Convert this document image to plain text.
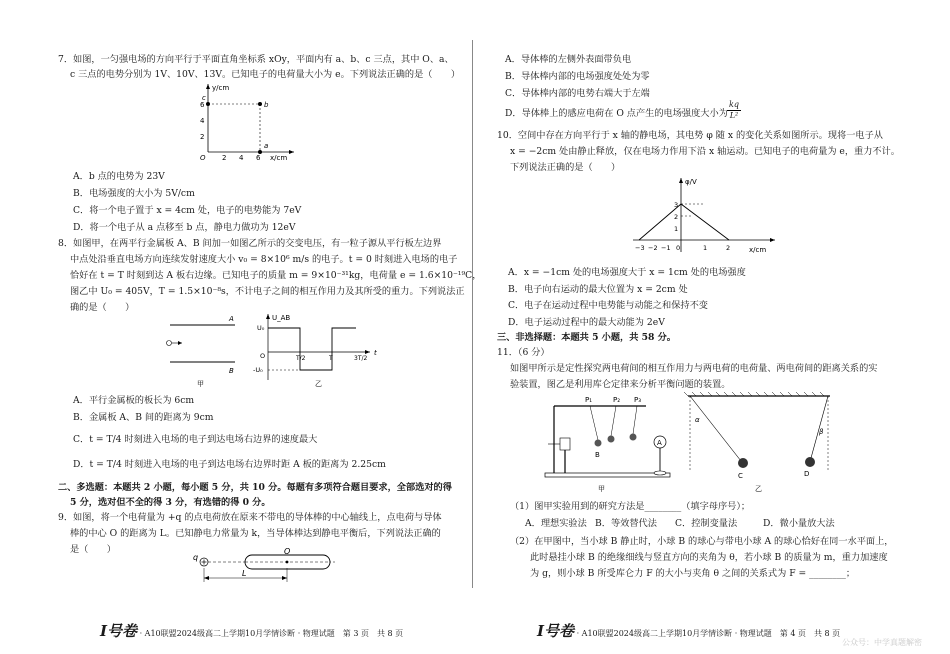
7．如图，一匀强电场的方向平行于平面直角坐标系 xOy，平面内有 a、b、c 三点，其中 O、a、
c 三点的电势分别为 1V、10V、13V。已知电子的电荷量大小为 e。下列说法正确的是（　　）
y/cm
x/cm
6
4
2
2 4 6
O
c
b
a
A．b 点的电势为 23V
B．电场强度的大小为 5V/cm
C．将一个电子置于 x = 4cm 处，电子的电势能为 7eV
D．将一个电子从 a 点移至 b 点，静电力做功为 12eV
8．如图甲，在两平行金属板 A、B 间加一如图乙所示的交变电压，有一粒子源从平行板左边界
中点处沿垂直电场方向连续发射速度大小 v₀ = 8×10⁶ m/s 的电子。t = 0 时刻进入电场的电子
恰好在 t = T 时刻到达 A 板右边缘。已知电子的质量 m = 9×10⁻³¹kg，电荷量 e = 1.6×10⁻¹⁹C，
图乙中 U₀ = 405V，T = 1.5×10⁻⁸s，不计电子之间的相互作用力及其所受的重力。下列说法正
确的是（　　）
A
B
甲
U_AB
U₀
-U₀
O	T/2	T	3T/2
t
乙
A．平行金属板的板长为 6cm
B．金属板 A、B 间的距离为 9cm
C．t = T/4 时刻进入电场的电子到达电场右边界的速度最大
D．t = T/4 时刻进入电场的电子到达电场右边界时距 A 板的距离为 2.25cm
二、多选题：本题共 2 小题，每小题 5 分，共 10 分。每题有多项符合题目要求，全部选对的得
5 分，选对但不全的得 3 分，有选错的得 0 分。
9．如图，将一个电荷量为 +q 的点电荷放在原来不带电的导体棒的中心轴线上，点电荷与导体
棒的中心 O 的距离为 L。已知静电力常量为 k，当导体棒达到静电平衡后，下列说法正确的
是（　　）
q
O
L
I号卷 · A10联盟2024级高二上学期10月学情诊断 · 物理试题　第 3 页　共 8 页
A．导体棒的左侧外表面带负电
B．导体棒内部的电场强度处处为零
C．导体棒内部的电势右端大于左端
D．导体棒上的感应电荷在 O 点产生的电场强度大小为 $\frac{kq}{\text{L²}}$
10．空间中存在方向平行于 x 轴的静电场，其电势 φ 随 x 的变化关系如图所示。现将一电子从
x = −2cm 处由静止释放，仅在电场力作用下沿 x 轴运动。已知电子的电荷量为 e，重力不计。
下列说法正确的是（　　）
φ/V
x/cm
3
2
1
−3 −2 −1 0	1	2
A．x = −1cm 处的电场强度大于 x = 1cm 处的电场强度
B．电子向右运动的最大位置为 x = 2cm 处
C．电子在运动过程中电势能与动能之和保持不变
D．电子运动过程中的最大动能为 2eV
三、非选择题：本题共 5 小题，共 58 分。
11．（6 分）
如图甲所示是定性探究两电荷间的相互作用力与两电荷的电荷量、两电荷间的距离关系的实
验装置，图乙是利用库仑定律来分析平衡问题的装置。
P₁	P₂ P₃
B
A
甲
α
β
C	D
乙
（1）图甲实验用到的研究方法是________（填字母序号）；
A．理想实验法 B．等效替代法 C．控制变量法	D．微小量放大法
（2）在甲图中，当小球 B 静止时，小球 B 的球心与带电小球 A 的球心恰好在同一水平面上，
此时悬挂小球 B 的绝缘细线与竖直方向的夹角为 θ，若小球 B 的质量为 m，重力加速度
为 g，则小球 B 所受库仑力 F 的大小与夹角 θ 之间的关系式为 F = ________；
I号卷 · A10联盟2024级高二上学期10月学情诊断 · 物理试题　第 4 页　共 8 页
公众号：中学真题解密
